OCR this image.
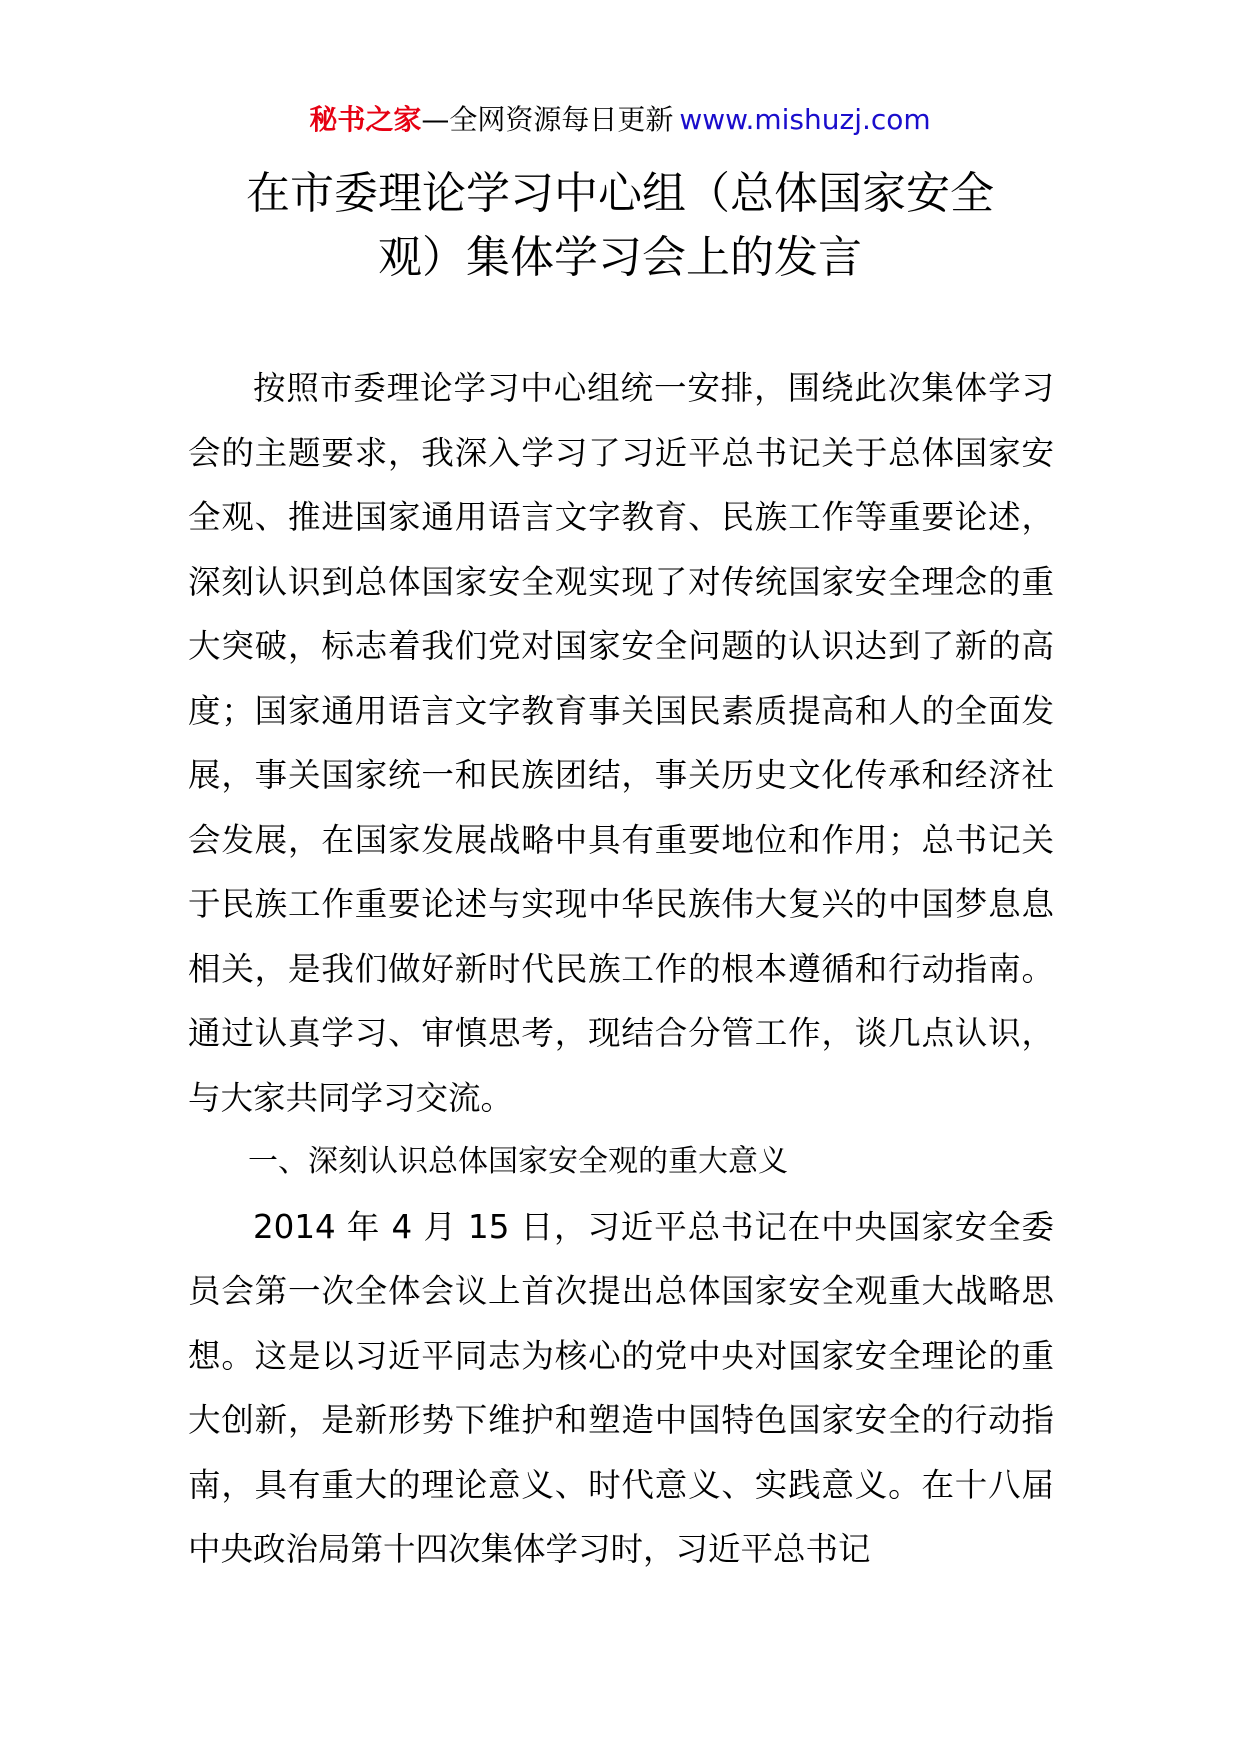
秘书之家—全网资源每日更新 www.mishuzj.com
在市委理论学习中心组（总体国家安全
观）集体学习会上的发言

按照市委理论学习中心组统一安排，围绕此次集体学习会的主题要求，我深入学习了习近平总书记关于总体国家安全观、推进国家通用语言文字教育、民族工作等重要论述，深刻认识到总体国家安全观实现了对传统国家安全理念的重大突破，标志着我们党对国家安全问题的认识达到了新的高度；国家通用语言文字教育事关国民素质提高和人的全面发展，事关国家统一和民族团结，事关历史文化传承和经济社会发展，在国家发展战略中具有重要地位和作用；总书记关于民族工作重要论述与实现中华民族伟大复兴的中国梦息息相关，是我们做好新时代民族工作的根本遵循和行动指南。通过认真学习、审慎思考，现结合分管工作，谈几点认识，与大家共同学习交流。

一、深刻认识总体国家安全观的重大意义

2014 年 4 月 15 日，习近平总书记在中央国家安全委员会第一次全体会议上首次提出总体国家安全观重大战略思想。这是以习近平同志为核心的党中央对国家安全理论的重大创新，是新形势下维护和塑造中国特色国家安全的行动指南，具有重大的理论意义、时代意义、实践意义。在十八届中央政治局第十四次集体学习时，习近平总书记
